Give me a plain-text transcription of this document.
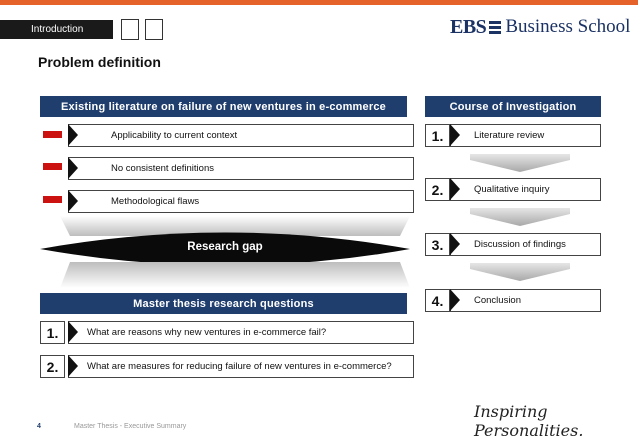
Introduction	EBS Business School
Problem definition
Existing literature on failure of new ventures in e-commerce
Applicability to current context
No consistent definitions
Methodological flaws
Research gap
Master thesis research questions
1.	What are reasons why new ventures in e-commerce fail?
2.	What are measures for reducing failure of new ventures in e-commerce?
Course of Investigation
1.	Literature review
2.	Qualitative inquiry
3.	Discussion of findings
4.	Conclusion
4	Master Thesis - Executive Summary
Inspiring Personalities.
